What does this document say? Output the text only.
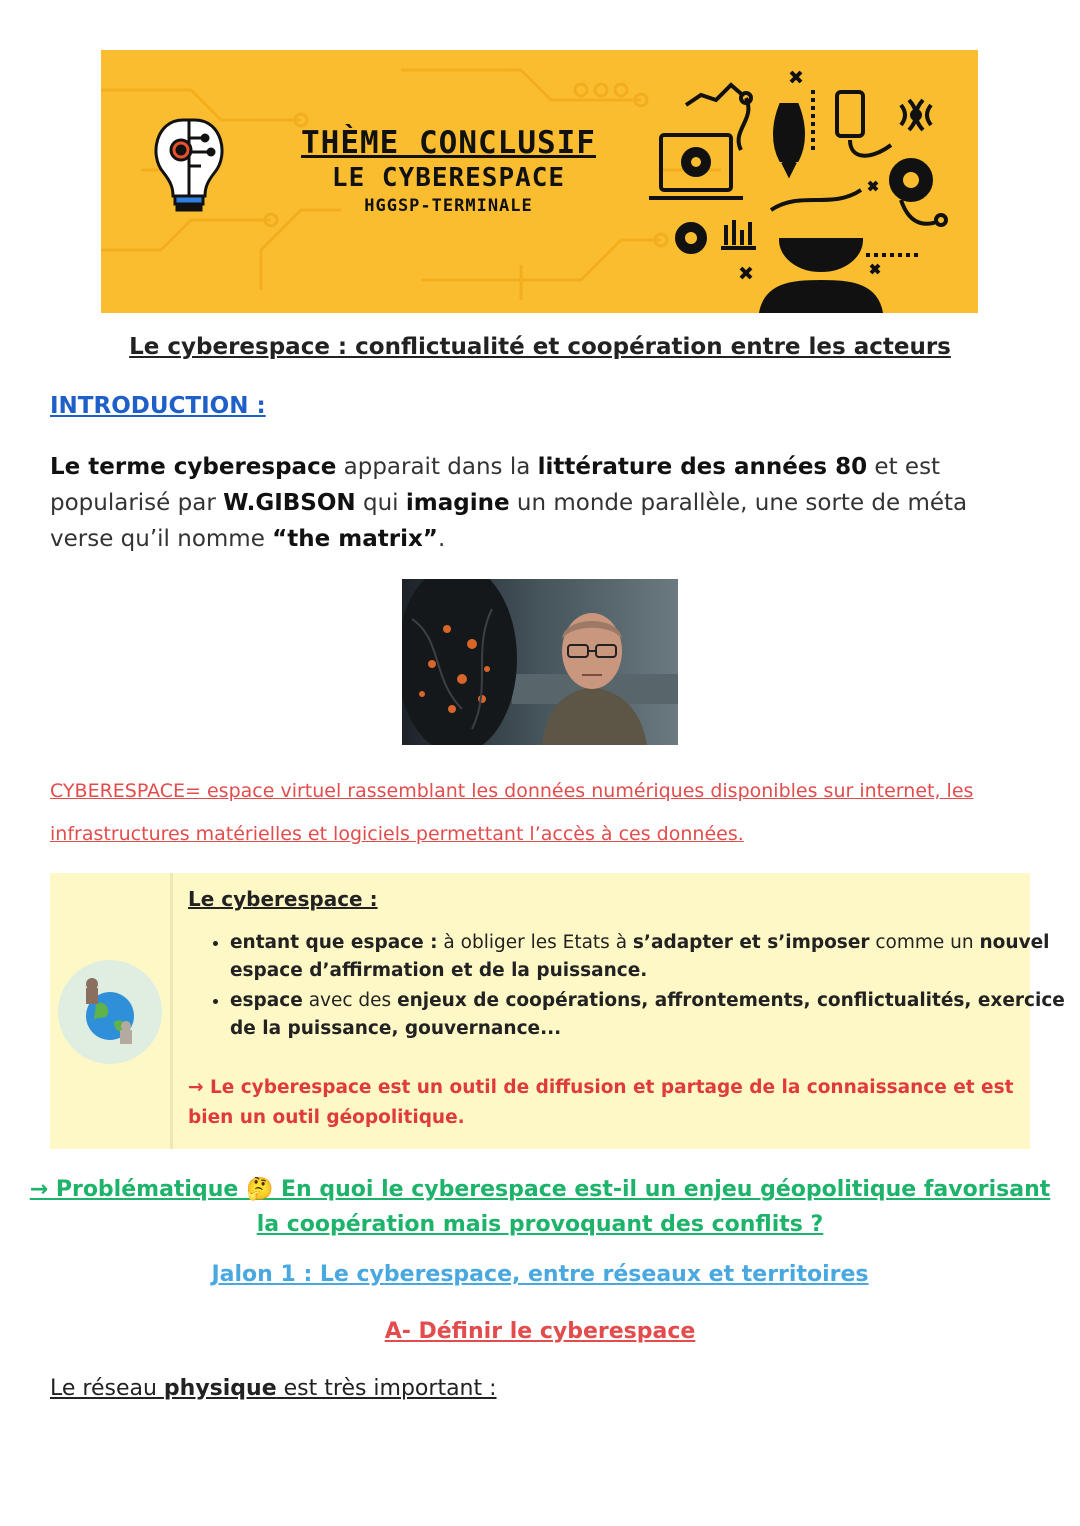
THÈME CONCLUSIF
LE CYBERESPACE
HGGSP-TERMINALE
Le cyberespace : conflictualité et coopération entre les acteurs
INTRODUCTION :
Le terme cyberespace apparait dans la littérature des années 80 et est popularisé par W.GIBSON qui imagine un monde parallèle, une sorte de méta verse qu’il nomme “the matrix”.
CYBERESPACE= espace virtuel rassemblant les données numériques disponibles sur internet, les infrastructures matérielles et logiciels permettant l’accès à ces données.
Le cyberespace :
• entant que espace : à obliger les Etats à s’adapter et s’imposer comme un nouvel espace d’affirmation et de la puissance.
• espace avec des enjeux de coopérations, affrontements, conflictualités, exercice de la puissance, gouvernance...
→ Le cyberespace est un outil de diffusion et partage de la connaissance et est bien un outil géopolitique.
→ Problématique 🤔 En quoi le cyberespace est-il un enjeu géopolitique favorisant
la coopération mais provoquant des conflits ?
Jalon 1 : Le cyberespace, entre réseaux et territoires
A- Définir le cyberespace
Le réseau physique est très important :
